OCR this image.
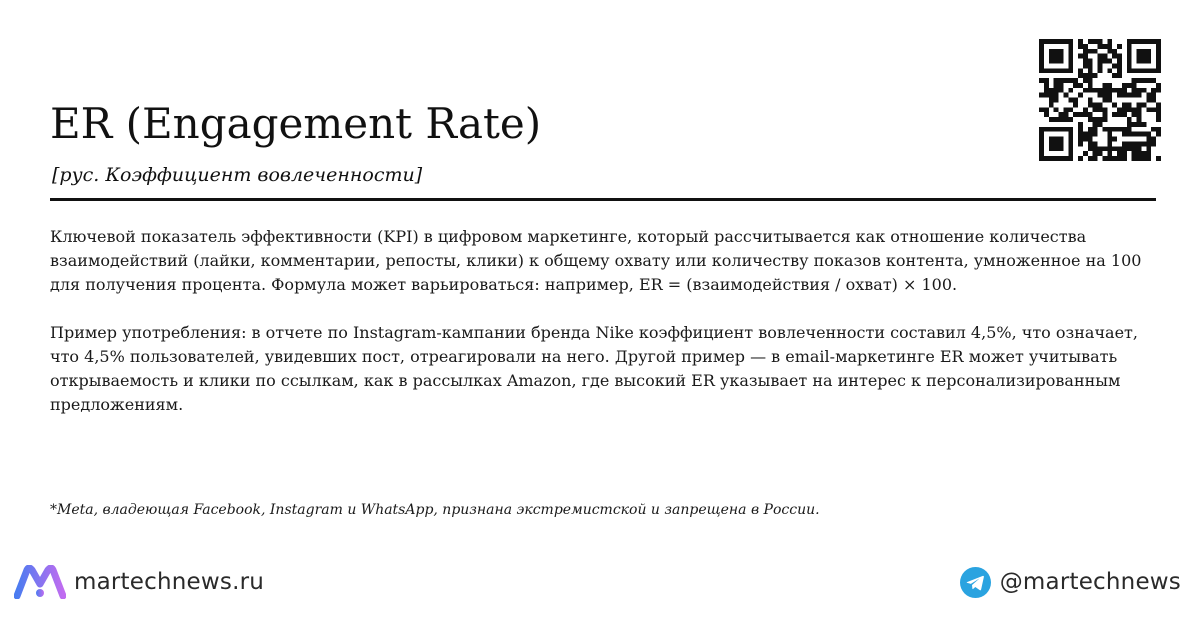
ER (Engagement Rate)
[рус. Коэффициент вовлеченности]

Ключевой показатель эффективности (KPI) в цифровом маркетинге, который рассчитывается как отношение количества взаимодействий (лайки, комментарии, репосты, клики) к общему охвату или количеству показов контента, умноженное на 100 для получения процента. Формула может варьироваться: например, ER = (взаимодействия / охват) × 100.

Пример употребления: в отчете по Instagram-кампании бренда Nike коэффициент вовлеченности составил 4,5%, что означает, что 4,5% пользователей, увидевших пост, отреагировали на него. Другой пример — в email-маркетинге ER может учитывать открываемость и клики по ссылкам, как в рассылках Amazon, где высокий ER указывает на интерес к персонализированным предложениям.

*Meta, владеющая Facebook, Instagram и WhatsApp, признана экстремистской и запрещена в России.
martechnews.ru	@martechnews
